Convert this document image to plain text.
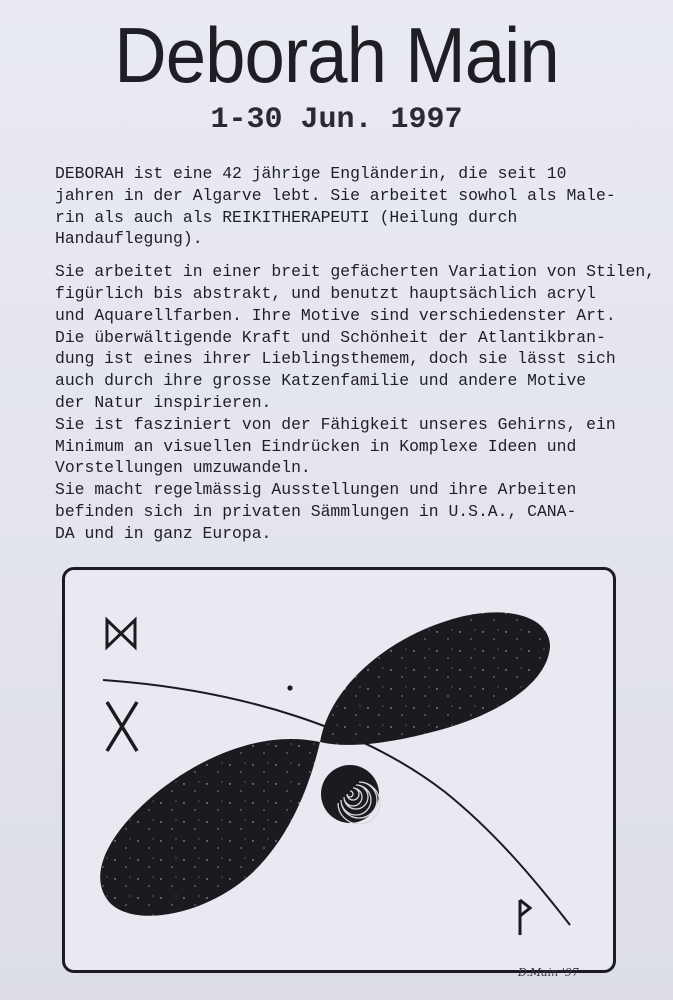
Deborah Main
1-30 Jun. 1997
DEBORAH ist eine 42 jährige Engländerin, die seit 10
jahren in der Algarve lebt. Sie arbeitet sowhol als Male-
rin als auch als REIKITHERAPEUTI (Heilung durch
Handauflegung).
Sie arbeitet in einer breit gefächerten Variation von Stilen,
figürlich bis abstrakt, und benutzt hauptsächlich acryl
und Aquarellfarben. Ihre Motive sind verschiedenster Art.
Die überwältigende Kraft und Schönheit der Atlantikbran-
dung ist eines ihrer Lieblingsthemem, doch sie lässt sich
auch durch ihre grosse Katzenfamilie und andere Motive
der Natur inspirieren.
Sie ist fasziniert von der Fähigkeit unseres Gehirns, ein
Minimum an visuellen Eindrücken in Komplexe Ideen und
Vorstellungen umzuwandeln.
Sie macht regelmässig Ausstellungen und ihre Arbeiten
befinden sich in privaten Sämmlungen in U.S.A., CANA-
DA und in ganz Europa.
D.Main '97
